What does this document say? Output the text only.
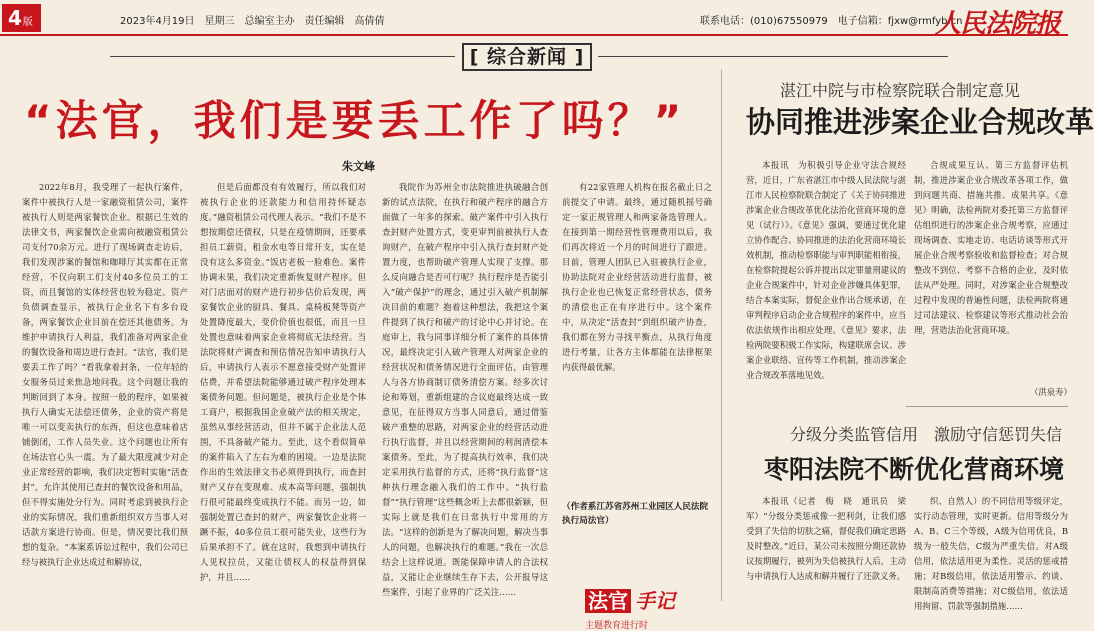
4版	2023年4月19日　星期三　总编室主办　责任编辑　高倩倩	联系电话：(010)67550979　电子信箱：fjxw@rmfyb.cn
人民法院报
[ 综合新闻 ]
“法官，我们是要丢工作了吗？”
朱文峰
2022年8月，我受理了一起执行案件，案件中被执行人是一家融资租赁公司，案件被执行人则是两家餐饮企业。根据已生效的法律文书，两家餐饮企业需向被融资租赁公司支付70余万元。进行了现场调查走访后，我们发现涉案的餐馆和咖啡厅其实都在正常经营，不仅向职工们支付40多位员工的工资，而且餐馆的实体经营也较为稳定。资产负债调查显示，被执行企业名下有多台设备，两家餐饮企业目前在偿还其他债务。为维护申请执行人利益，我们准备对两家企业的餐饮设备和周边进行查封。“法官，我们是要丢工作了吗？”看我拿着封条，一位年轻的女服务员过来焦急地问我。这个问题让我的判断回到了本身。按照一般的程序，如果被执行人确实无法偿还债务，企业的资产将是唯一可以变卖执行的东西，但这也意味着店铺倒闭，工作人员失业。这个问题也让所有在场法官心头一震。为了最大限度减少对企业正常经营的影响，我们决定暂时实施“活查封”，允许其使用已查封的餐饮设备和用品，但不得实施处分行为。同时考虑到被执行企业的实际情况，我们重新组织双方当事人对话款方案进行协商。但是，情况要比我们预想的复杂。“本案系诉讼过程中，我们公司已经与被执行企业达成过和解协议，
但是后面都没有有效履行，所以我们对被执行企业的还款能力和信用持怀疑态度。”融资租赁公司代理人表示。“我们不是不想按期偿还债权，只是在疫情期间，还要承担员工薪资，租金水电等日常开支，实在是没有这么多资金。”饭店老板一脸难色。案件协调未果，我们决定重新恢复财产程序。但对门店面对的财产进行初步估价后发现，两家餐饮企业的厨具、餐具、桌椅板凳等资产处置降度最大，变价价值也很低，而且一旦处置也意味着两家企业将彻底无法经营。当法院将财产调查和预估情况告知申请执行人后，申请执行人表示不愿意接受财产处置评估费，并希望法院能够通过破产程序处理本案债务问题。但问题是，被执行企业是个体工商户，根据我国企业破产法的相关规定，虽然从事经营活动，但并不属于企业法人范围，不具备破产能力。至此，这个看似简单的案件陷入了左右为难的困境。一边是法院作出的生效法律文书必须得到执行，而查封财产又存在变现难、成本高等问题，强制执行很可能最终变成执行不能。而另一边，如强制处置已查封的财产，两家餐饮企业将一蹶不振，40多位员工很可能失业，这些行为后果承担不了。就在这时，我想到申请执行人见权拉员，又能让债权人的权益得到保护，并且……
我院作为苏州全市法院推进执破融合创新的试点法院，在执行和破产程序的融合方面做了一年多的探索。破产案件中引入执行查封财产处置方式，变更审判前被执行人查询财产，在破产程序中引入执行查封财产处置力度，也帮助破产管理人实现了支撑。那么反向融合是否可行呢？执行程序是否能引入“破产保护”的理念，通过引入破产机制解决目前的难题？抱着这种想法，我把这个案件提到了执行和破产的讨论中心并讨论。在庭审上，我与同事详细分析了案件的具体情况，最终决定引入破产管理人对两家企业的经营状况和债务情况进行全面评估，由管理人与各方协商制订债务清偿方案。经多次讨论和筹划，重新组建的合议庭最终达成一致意见，在征得双方当事人同意后，通过借鉴破产重整的思路，对两家企业的经营活动进行执行监督，并且以经营期间的利润清偿本案债务。至此，为了提高执行效率，我们决定采用执行监督的方式，还将“执行监督”这种执行理念融入我们的工作中。“执行监督”“执行管理”这些概念听上去都很新颖，但实际上就是我们在日常执行中常用的方法。“这样的创新是为了解决问题，解决当事人的问题，也解决执行的难题。”我在一次总结会上这样说道。既能保障申请人的合法权益，又能让企业继续生存下去，公开报导这些案件，引起了业界的广泛关注……
有22家管理人机构在报名截止日之前提交了申请。最终，通过随机摇号确定一家正规管理人和两家备选管理人。在接到第一期经营性管理费用以后，我们再次将近一个月的时间进行了跟进。目前，管理人团队已入驻被执行企业，协助法院对企业经营活动进行监督，被执行企业也已恢复正常经营状态，债务的清偿也正在有序进行中。这个案件中，从决定“活查封”到组织破产协查，我们都在努力寻找平衡点，从执行角度进行考量，让各方主体都能在法律框架内获得最优解。
（作者系江苏省苏州工业园区人民法院执行局法官）
法官 手记
主题教育进行时
湛江中院与市检察院联合制定意见
协同推进涉案企业合规改革
本报讯　为积极引导企业守法合规经营，近日，广东省湛江市中级人民法院与湛江市人民检察院联合制定了《关于协同推进涉案企业合规改革优化法治化营商环境的意见（试行）》。《意见》强调，要通过优化建立协作配合、协同推进的法治化营商环境长效机制，推动检察职能与审判职能相衔接，在检察院提起公诉并提出以定罪量刑建议的企业合规案件中，针对企业涉嫌具体犯罪，结合本案实际，督促企业作出合规承诺，在审判程序启动企业合规程序的案件中，应当依法依规作出相应处理。《意见》要求，法检两院要积极工作实际，构建联席会议、涉案企业联络、宣传等工作机制，推动涉案企业合规改革落地见效。
合规成果互认、第三方监督评估机制，推进涉案企业合规改革各项工作，做到问题共商、措施共推、成果共享。《意见》明确，法检两院对委托第三方监督评估组织进行的涉案企业合规考察，应通过现场调查、实地走访、电话访谈等形式开展企业合规考察验收和监督检查；对合规整改不到位、考察不合格的企业，及时依法从严处理。同时，对涉案企业合规整改过程中发现的普遍性问题，法检两院将通过司法建议、检察建议等形式推动社会治理，营造法治化营商环境。
（洪泉寿）
分级分类监管信用　激励守信惩罚失信
枣阳法院不断优化营商环境
本报讯（记者　梅　晓　通讯员　梁　军）“分级分类惩戒像一把利剑，让我们感受到了失信的切肤之痛，督促我们确定思路及时整改。”近日，某公司未按照分期还款协议按期履行，被列为失信被执行人后，主动与申请执行人达成和解并履行了还款义务。
织、自然人）的不同信用等级评定，实行动态管理，实时更新。信用等级分为A、B、C三个等级，A级为信用优良，B级为一般失信，C级为严重失信。对A级信用，依法适用更为柔性、灵活的惩戒措施；对B级信用，依法适用警示、约谈、限制高消费等措施；对C级信用，依法适用拘留、罚款等强制措施……
